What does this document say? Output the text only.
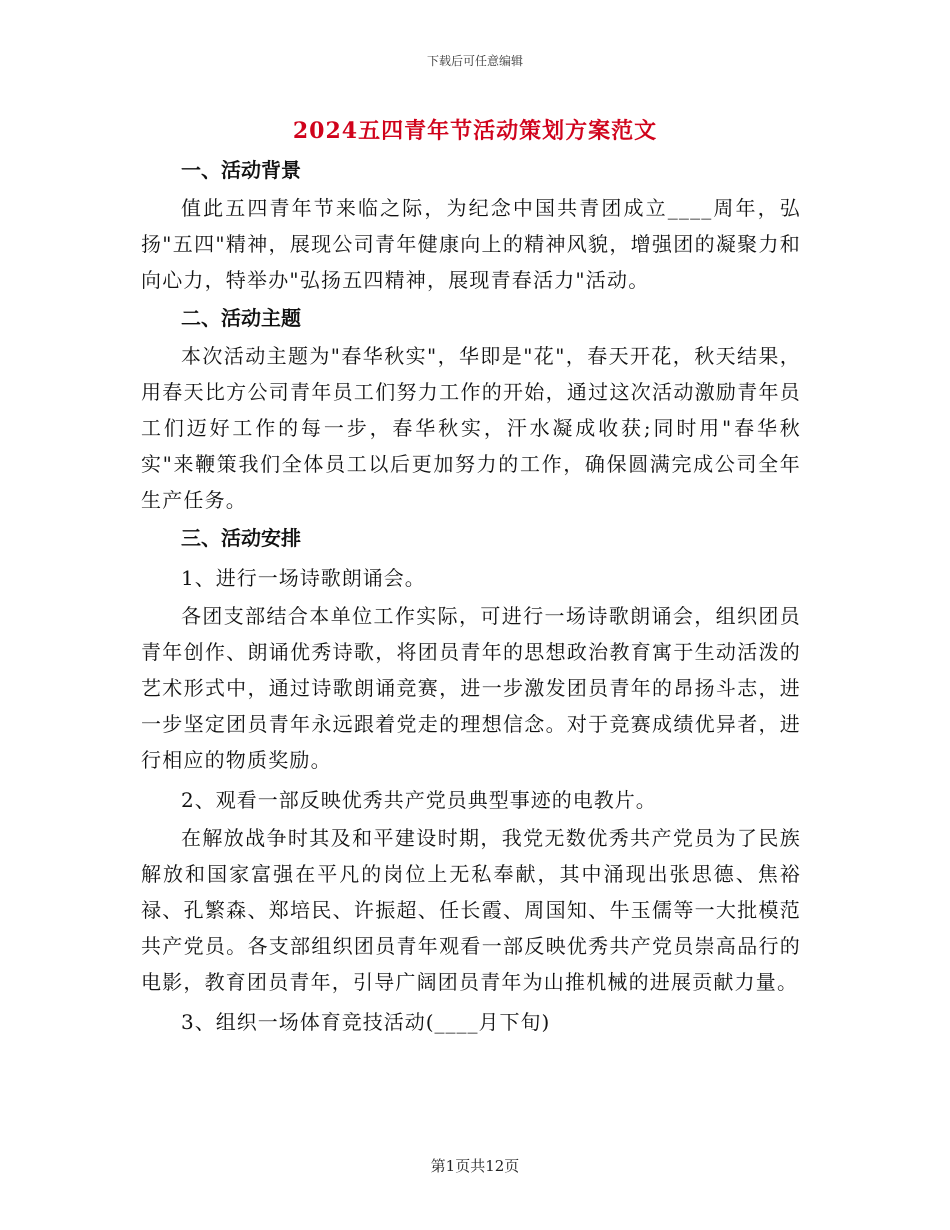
下载后可任意编辑
2024五四青年节活动策划方案范文
一、活动背景
值此五四青年节来临之际，为纪念中国共青团成立____周年，弘扬"五四"精神，展现公司青年健康向上的精神风貌，增强团的凝聚力和向心力，特举办"弘扬五四精神，展现青春活力"活动。
二、活动主题
本次活动主题为"春华秋实"，华即是"花"，春天开花，秋天结果，用春天比方公司青年员工们努力工作的开始，通过这次活动激励青年员工们迈好工作的每一步，春华秋实，汗水凝成收获;同时用"春华秋实"来鞭策我们全体员工以后更加努力的工作，确保圆满完成公司全年生产任务。
三、活动安排
1、进行一场诗歌朗诵会。
各团支部结合本单位工作实际，可进行一场诗歌朗诵会，组织团员青年创作、朗诵优秀诗歌，将团员青年的思想政治教育寓于生动活泼的艺术形式中，通过诗歌朗诵竞赛，进一步激发团员青年的昂扬斗志，进一步坚定团员青年永远跟着党走的理想信念。对于竞赛成绩优异者，进行相应的物质奖励。
2、观看一部反映优秀共产党员典型事迹的电教片。
在解放战争时其及和平建设时期，我党无数优秀共产党员为了民族解放和国家富强在平凡的岗位上无私奉献，其中涌现出张思德、焦裕禄、孔繁森、郑培民、许振超、任长霞、周国知、牛玉儒等一大批模范共产党员。各支部组织团员青年观看一部反映优秀共产党员崇高品行的电影，教育团员青年，引导广阔团员青年为山推机械的进展贡献力量。
3、组织一场体育竞技活动(____月下旬)
第1页共12页
